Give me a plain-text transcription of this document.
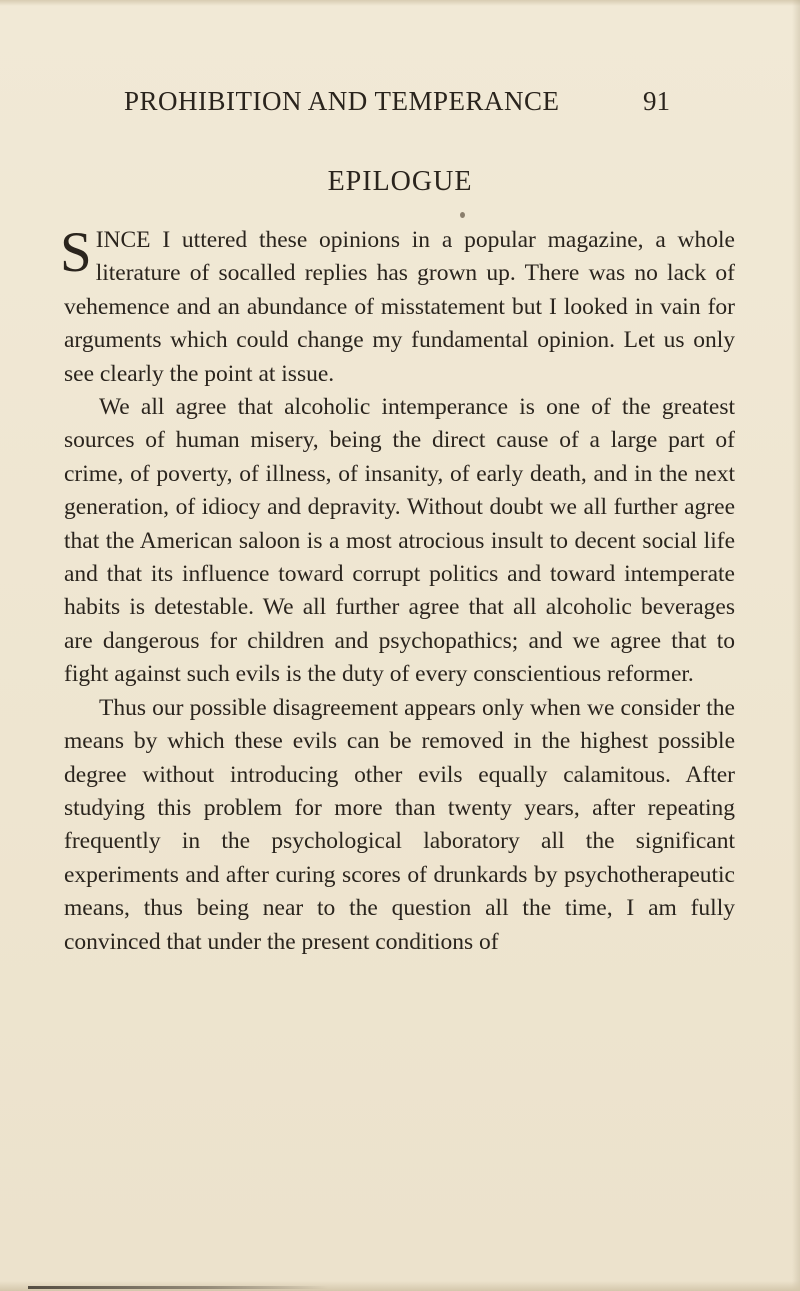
PROHIBITION AND TEMPERANCE	91
EPILOGUE

SINCE I uttered these opinions in a popular magazine, a whole literature of socalled replies has grown up. There was no lack of vehemence and an abundance of misstatement but I looked in vain for arguments which could change my fundamental opinion. Let us only see clearly the point at issue.

We all agree that alcoholic intemperance is one of the greatest sources of human misery, being the direct cause of a large part of crime, of poverty, of illness, of insanity, of early death, and in the next generation, of idiocy and depravity. Without doubt we all further agree that the American saloon is a most atrocious insult to decent social life and that its influence toward corrupt politics and toward intemperate habits is detestable. We all further agree that all alcoholic beverages are dangerous for children and psychopathics; and we agree that to fight against such evils is the duty of every conscientious reformer.

Thus our possible disagreement appears only when we consider the means by which these evils can be removed in the highest possible degree without introducing other evils equally calamitous. After studying this problem for more than twenty years, after repeating frequently in the psychological laboratory all the significant experiments and after curing scores of drunkards by psychotherapeutic means, thus being near to the question all the time, I am fully convinced that under the present conditions of
